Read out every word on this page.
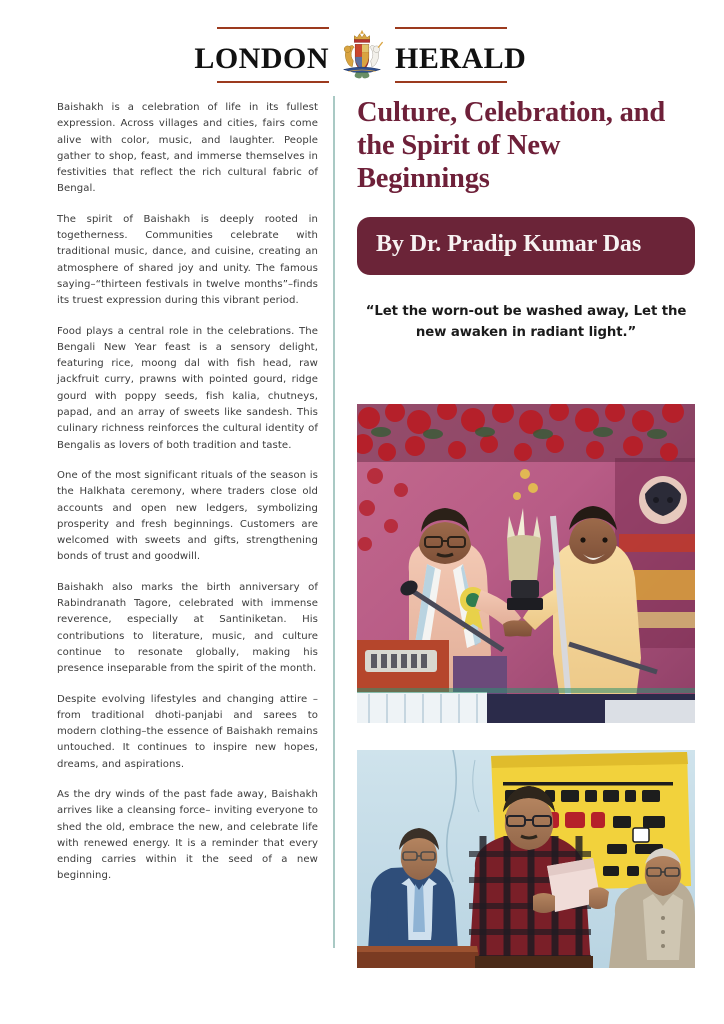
LONDON HERALD

Baishakh is a celebration of life in its fullest expression. Across villages and cities, fairs come alive with color, music, and laughter. People gather to shop, feast, and immerse themselves in festivities that reflect the rich cultural fabric of Bengal.

The spirit of Baishakh is deeply rooted in togetherness. Communities celebrate with traditional music, dance, and cuisine, creating an atmosphere of shared joy and unity. The famous saying–“thirteen festivals in twelve months”–finds its truest expression during this vibrant period.

Food plays a central role in the celebrations. The Bengali New Year feast is a sensory delight, featuring rice, moong dal with fish head, raw jackfruit curry, prawns with pointed gourd, ridge gourd with poppy seeds, fish kalia, chutneys, papad, and an array of sweets like sandesh. This culinary richness reinforces the cultural identity of Bengalis as lovers of both tradition and taste.

One of the most significant rituals of the season is the Halkhata ceremony, where traders close old accounts and open new ledgers, symbolizing prosperity and fresh beginnings. Customers are welcomed with sweets and gifts, strengthening bonds of trust and goodwill.

Baishakh also marks the birth anniversary of Rabindranath Tagore, celebrated with immense reverence, especially at Santiniketan. His contributions to literature, music, and culture continue to resonate globally, making his presence inseparable from the spirit of the month.

Despite evolving lifestyles and changing attire –from traditional dhoti-panjabi and sarees to modern clothing–the essence of Baishakh remains untouched. It continues to inspire new hopes, dreams, and aspirations.

As the dry winds of the past fade away, Baishakh arrives like a cleansing force– inviting everyone to shed the old, embrace the new, and celebrate life with renewed energy. It is a reminder that every ending carries within it the seed of a new beginning.

Culture, Celebration, and the Spirit of New Beginnings
By Dr. Pradip Kumar Das
“Let the worn-out be washed away, Let the new awaken in radiant light.”
